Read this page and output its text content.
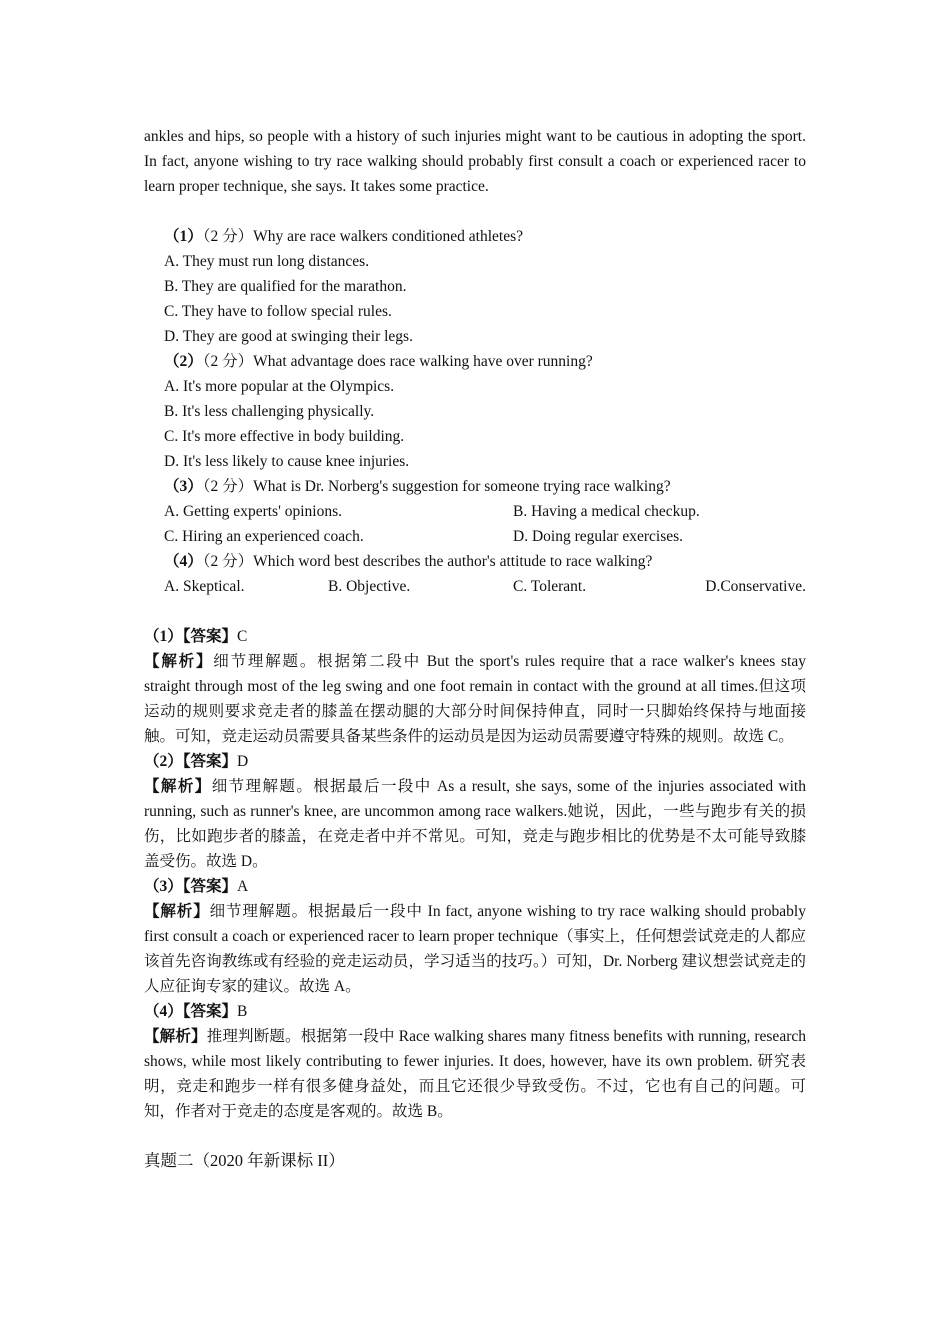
ankles and hips, so people with a history of such injuries might want to be cautious in adopting the sport. In fact, anyone wishing to try race walking should probably first consult a coach or experienced racer to learn proper technique, she says. It takes some practice.

（1）（2 分）Why are race walkers conditioned athletes?
A. They must run long distances.
B. They are qualified for the marathon.
C. They have to follow special rules.
D. They are good at swinging their legs.
（2）（2 分）What advantage does race walking have over running?
A. It's more popular at the Olympics.
B. It's less challenging physically.
C. It's more effective in body building.
D. It's less likely to cause knee injuries.
（3）（2 分）What is Dr. Norberg's suggestion for someone trying race walking?
A. Getting experts' opinions.	B. Having a medical checkup.
C. Hiring an experienced coach.	D. Doing regular exercises.
（4）（2 分）Which word best describes the author's attitude to race walking?
A. Skeptical.	B. Objective.	C. Tolerant.	D.Conservative.
（1）【答案】C

【解析】细节理解题。根据第二段中 But the sport's rules require that a race walker's knees stay straight through most of the leg swing and one foot remain in contact with the ground at all times.但这项运动的规则要求竞走者的膝盖在摆动腿的大部分时间保持伸直，同时一只脚始终保持与地面接触。可知，竞走运动员需要具备某些条件的运动员是因为运动员需要遵守特殊的规则。故选 C。

（2）【答案】D

【解析】细节理解题。根据最后一段中 As a result, she says, some of the injuries associated with running, such as runner's knee, are uncommon among race walkers.她说，因此，一些与跑步有关的损伤，比如跑步者的膝盖，在竞走者中并不常见。可知，竞走与跑步相比的优势是不太可能导致膝盖受伤。故选 D。

（3）【答案】A

【解析】细节理解题。根据最后一段中 In fact, anyone wishing to try race walking should probably first consult a coach or experienced racer to learn proper technique（事实上，任何想尝试竞走的人都应该首先咨询教练或有经验的竞走运动员，学习适当的技巧。）可知，Dr. Norberg 建议想尝试竞走的人应征询专家的建议。故选 A。

（4）【答案】B

【解析】推理判断题。根据第一段中 Race walking shares many fitness benefits with running, research shows, while most likely contributing to fewer injuries. It does, however, have its own problem. 研究表明，竞走和跑步一样有很多健身益处，而且它还很少导致受伤。不过，它也有自己的问题。可知，作者对于竞走的态度是客观的。故选 B。

真题二（2020 年新课标 II）
